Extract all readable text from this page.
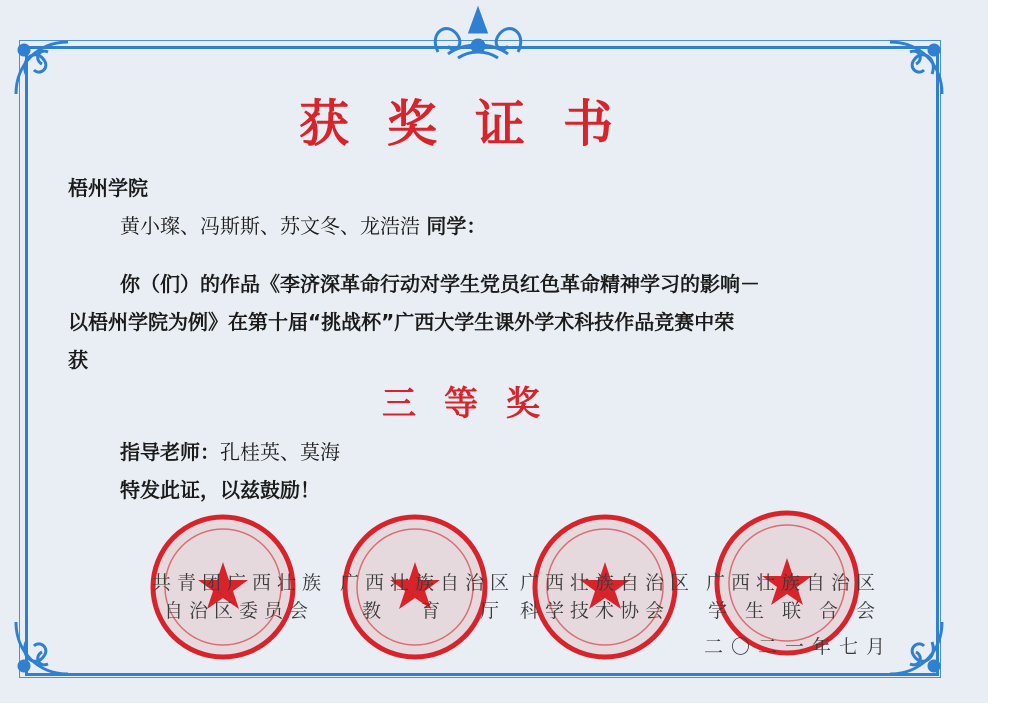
获奖证书
梧州学院
黄小璨、冯斯斯、苏文冬、龙浩浩 同学：
你（们）的作品《李济深革命行动对学生党员红色革命精神学习的影响－
以梧州学院为例》在第十届“挑战杯”广西大学生课外学术科技作品竞赛中荣
获
三等奖
指导老师：孔桂英、莫海
特发此证，以兹鼓励！
共青团广西壮族
自治区委员会
广西壮族自治区
教育厅
广西壮族自治区
科学技术协会
广西壮族自治区
学生联合会
二〇二一年七月
